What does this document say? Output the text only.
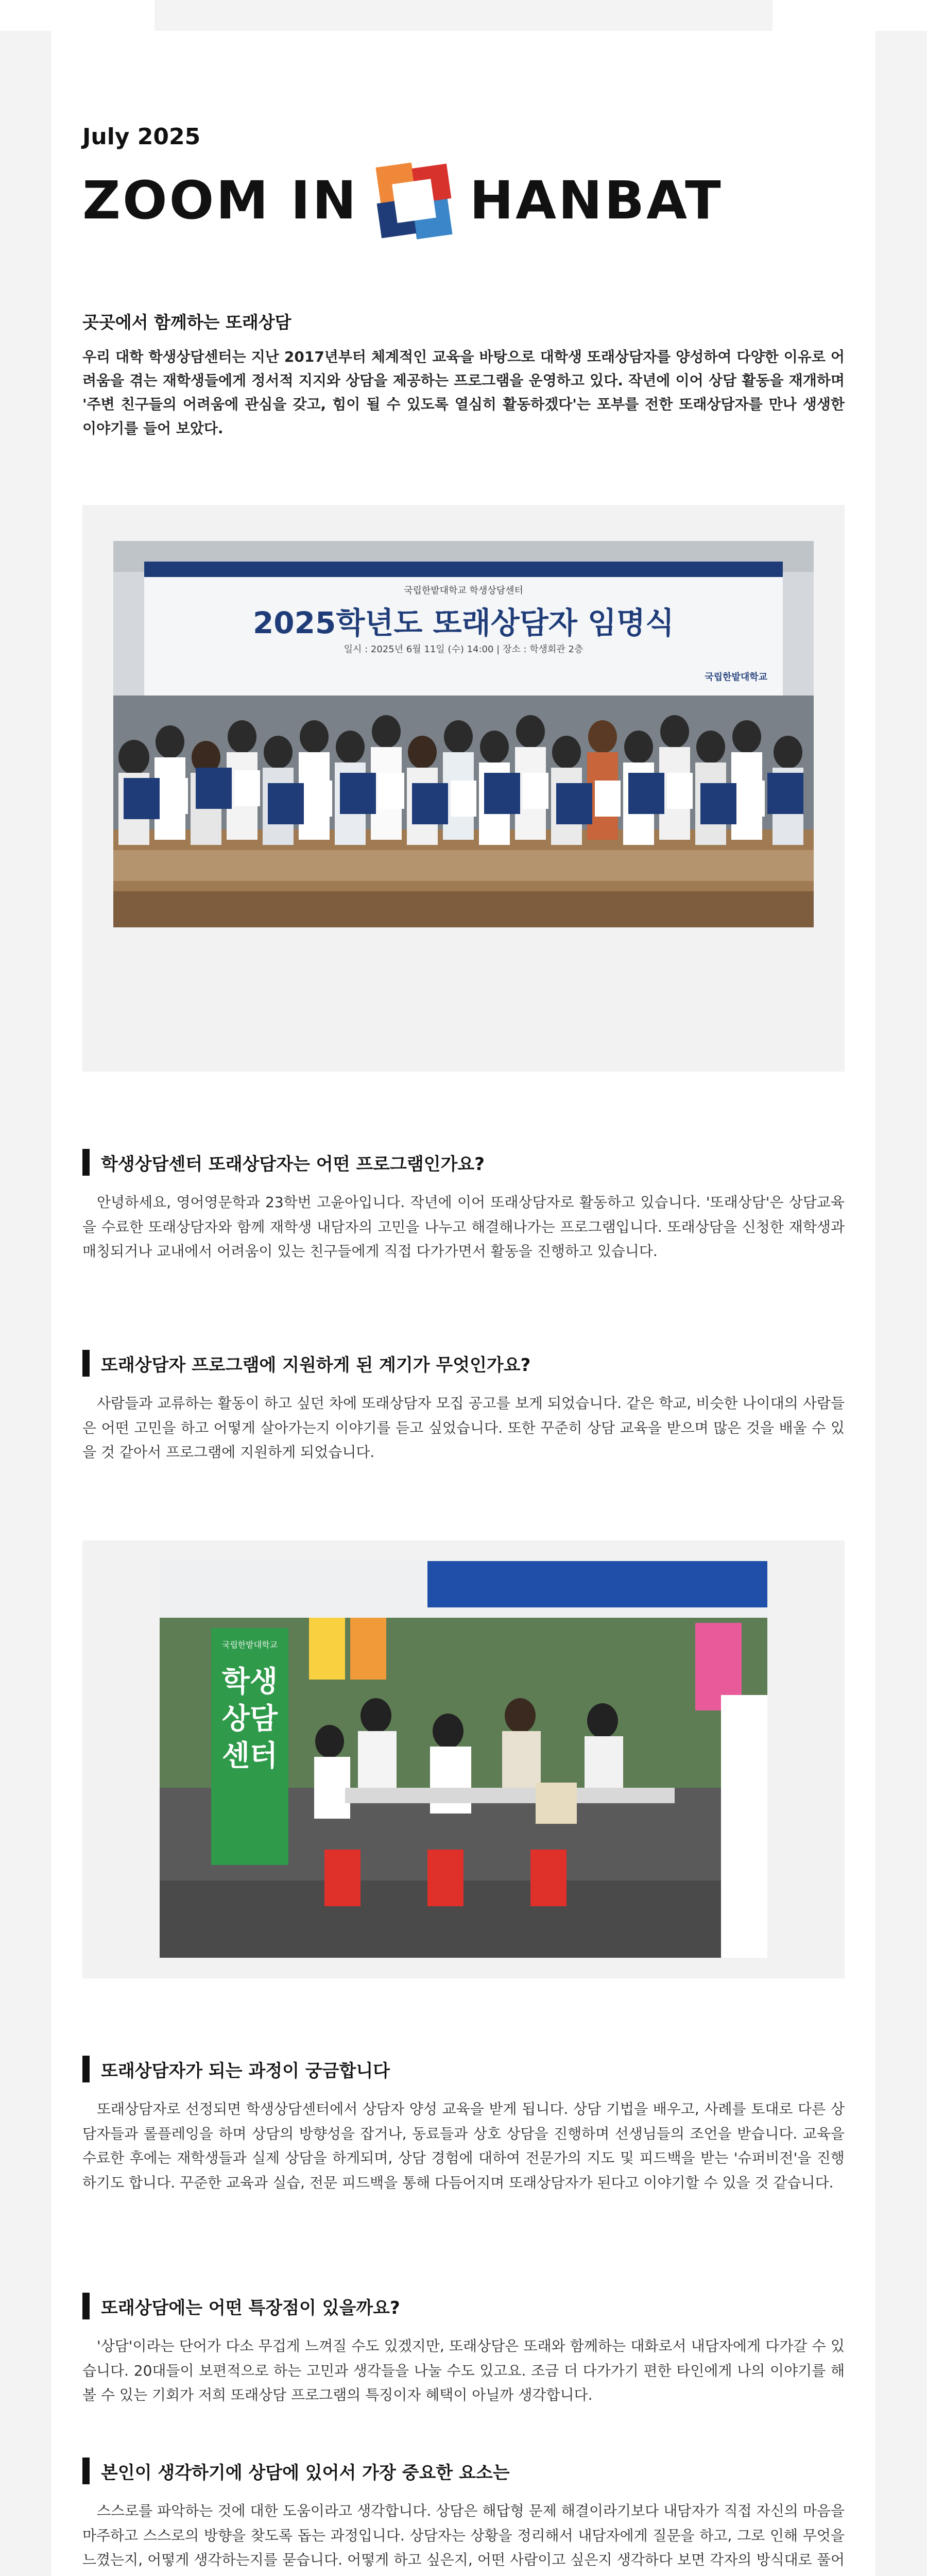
July 2025
ZOOM IN HANBAT
곳곳에서 함께하는 또래상담
우리 대학 학생상담센터는 지난 2017년부터 체계적인 교육을 바탕으로 대학생 또래상담자를 양성하여 다양한 이유로 어려움을 겪는 재학생들에게 정서적 지지와 상담을 제공하는 프로그램을 운영하고 있다. 작년에 이어 상담 활동을 재개하며 '주변 친구들의 어려움에 관심을 갖고, 힘이 될 수 있도록 열심히 활동하겠다'는 포부를 전한 또래상담자를 만나 생생한 이야기를 들어 보았다.
국립한밭대학교 학생상담센터
2025학년도 또래상담자 임명식
일시 : 2025년 6월 11일 (수) 14:00 | 장소 : 학생회관 2층
국립한밭대학교
학생상담센터 또래상담자는 어떤 프로그램인가요?
안녕하세요, 영어영문학과 23학번 고윤아입니다. 작년에 이어 또래상담자로 활동하고 있습니다. '또래상담'은 상담교육을 수료한 또래상담자와 함께 재학생 내담자의 고민을 나누고 해결해나가는 프로그램입니다. 또래상담을 신청한 재학생과 매칭되거나 교내에서 어려움이 있는 친구들에게 직접 다가가면서 활동을 진행하고 있습니다.
또래상담자 프로그램에 지원하게 된 계기가 무엇인가요?
사람들과 교류하는 활동이 하고 싶던 차에 또래상담자 모집 공고를 보게 되었습니다. 같은 학교, 비슷한 나이대의 사람들은 어떤 고민을 하고 어떻게 살아가는지 이야기를 듣고 싶었습니다. 또한 꾸준히 상담 교육을 받으며 많은 것을 배울 수 있을 것 같아서 프로그램에 지원하게 되었습니다.
국립한밭대학교
학생
상담
센터
또래상담자가 되는 과정이 궁금합니다
또래상담자로 선정되면 학생상담센터에서 상담자 양성 교육을 받게 됩니다. 상담 기법을 배우고, 사례를 토대로 다른 상담자들과 롤플레잉을 하며 상담의 방향성을 잡거나, 동료들과 상호 상담을 진행하며 선생님들의 조언을 받습니다. 교육을 수료한 후에는 재학생들과 실제 상담을 하게되며, 상담 경험에 대하여 전문가의 지도 및 피드백을 받는 '슈퍼비전'을 진행하기도 합니다. 꾸준한 교육과 실습, 전문 피드백을 통해 다듬어지며 또래상담자가 된다고 이야기할 수 있을 것 같습니다.
또래상담에는 어떤 특장점이 있을까요?
'상담'이라는 단어가 다소 무겁게 느껴질 수도 있겠지만, 또래상담은 또래와 함께하는 대화로서 내담자에게 다가갈 수 있습니다. 20대들이 보편적으로 하는 고민과 생각들을 나눌 수도 있고요. 조금 더 다가가기 편한 타인에게 나의 이야기를 해볼 수 있는 기회가 저희 또래상담 프로그램의 특징이자 혜택이 아닐까 생각합니다.
본인이 생각하기에 상담에 있어서 가장 중요한 요소는
스스로를 파악하는 것에 대한 도움이라고 생각합니다. 상담은 해답형 문제 해결이라기보다 내담자가 직접 자신의 마음을 마주하고 스스로의 방향을 찾도록 돕는 과정입니다. 상담자는 상황을 정리해서 내담자에게 질문을 하고, 그로 인해 무엇을 느꼈는지, 어떻게 생각하는지를 묻습니다. 어떻게 하고 싶은지, 어떤 사람이고 싶은지 생각하다 보면 각자의 방식대로 풀어
